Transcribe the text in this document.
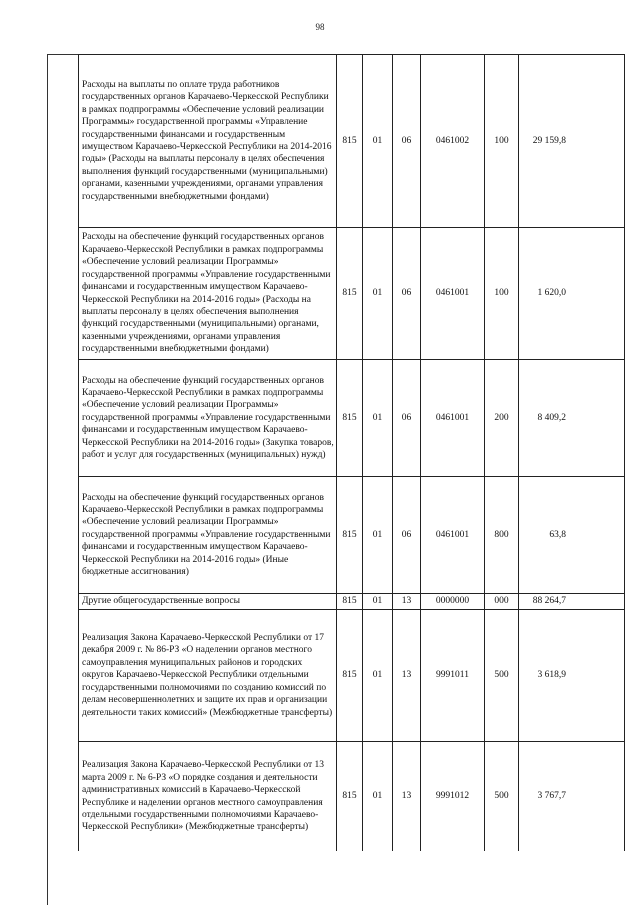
98
Расходы на выплаты по оплате труда работников государственных органов Карачаево-Черкесской Республики в рамках подпрограммы «Обеспечение условий реализации Программы» государственной программы «Управление государственными финансами и государственным имуществом Карачаево-Черкесской Республики на 2014-2016 годы» (Расходы на выплаты персоналу в целях обеспечения выполнения функций государственными (муниципальными) органами, казенными учреждениями, органами управления государственными внебюджетными фондами)	815	01	06	0461002	100	29 159,8
Расходы на обеспечение функций государственных органов Карачаево-Черкесской Республики в рамках подпрограммы «Обеспечение условий реализации Программы» государственной программы «Управление государственными финансами и государственным имуществом Карачаево-Черкесской Республики на 2014-2016 годы» (Расходы на выплаты персоналу в целях обеспечения выполнения функций государственными (муниципальными) органами, казенными учреждениями, органами управления государственными внебюджетными фондами)	815	01	06	0461001	100	1 620,0
Расходы на обеспечение функций государственных органов Карачаево-Черкесской Республики в рамках подпрограммы «Обеспечение условий реализации Программы» государственной программы «Управление государственными финансами и государственным имуществом Карачаево-Черкесской Республики на 2014-2016 годы» (Закупка товаров, работ и услуг для государственных (муниципальных) нужд)	815	01	06	0461001	200	8 409,2
Расходы на обеспечение функций государственных органов Карачаево-Черкесской Республики в рамках подпрограммы «Обеспечение условий реализации Программы» государственной программы «Управление государственными финансами и государственным имуществом Карачаево-Черкесской Республики на 2014-2016 годы» (Иные бюджетные ассигнования)	815	01	06	0461001	800	63,8
Другие общегосударственные вопросы	815	01	13	0000000	000	88 264,7
Реализация Закона Карачаево-Черкесской Республики от 17 декабря 2009 г. № 86-РЗ «О наделении органов местного самоуправления муниципальных районов и городских округов Карачаево-Черкесской Республики отдельными государственными полномочиями по созданию комиссий по делам несовершеннолетних и защите их прав и организации деятельности таких комиссий» (Межбюджетные трансферты)	815	01	13	9991011	500	3 618,9
Реализация Закона Карачаево-Черкесской Республики от 13 марта 2009 г. № 6-РЗ «О порядке создания и деятельности административных комиссий в Карачаево-Черкесской Республике и наделении органов местного самоуправления отдельными государственными полномочиями Карачаево-Черкесской Республики» (Межбюджетные трансферты)	815	01	13	9991012	500	3 767,7
